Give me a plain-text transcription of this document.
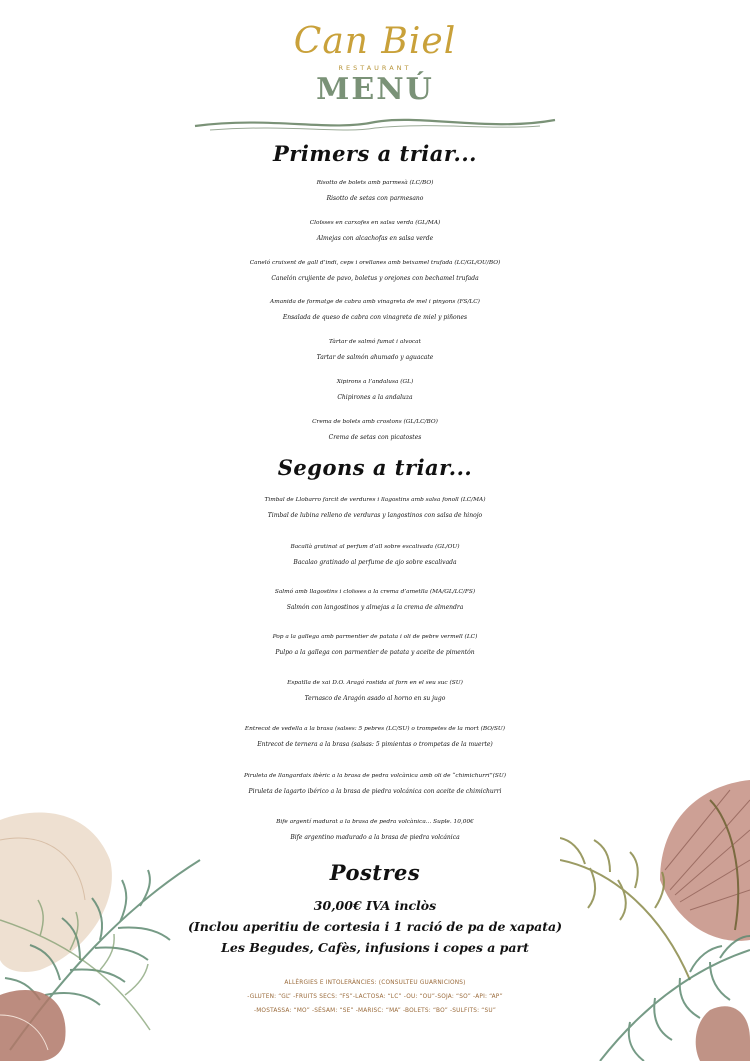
Can Biel
RESTAURANT
MENÚ
Primers a triar...
Risotto de bolets amb parmesà (LC/BO)
Risotto de setas con parmesano
Cloïsses en carxofes en salsa verda (GL/MA)
Almejas con alcachofas en salsa verde
Caneló cruixent de gall d’indi, ceps i orellanes amb beixamel trufada (LC/GL/OU/BO)
Canelón crujiente de pavo, boletus y orejones con bechamel trufada
Amanida de formatge de cabra amb vinagreta de mel i pinyons (FS/LC)
Ensalada de queso de cabra con vinagreta de miel y piñones
Tàrtar de salmó fumat i alvocat
Tartar de salmón ahumado y aguacate
Xipirons a l’andalusa (GL)
Chipirones a la andaluza
Crema de bolets amb crostons (GL/LC/BO)
Crema de setas con picatostes
Segons a triar...
Timbal de Llobarro farcit de verdures i llagostins amb salsa fonoll (LC/MA)
Timbal de lubina relleno de verduras y langostinos con salsa de hinojo
Bacallà gratinat al perfum d’all sobre escalivada (GL/OU)
Bacalao gratinado al perfume de ajo sobre escalivada
Salmó amb llagostins i cloïsses a la crema d’ametlla (MA/GL/LC/FS)
Salmón con langostinos y almejas a la crema de almendra
Pop a la gallega amb parmentier de patata i oli de pebre vermell (LC)
Pulpo a la gallega con parmentier de patata y aceite de pimentón
Espatlla de xai D.O. Aragó rostida al forn en el seu suc (SU)
Ternasco de Aragón asado al horno en su jugo
Entrecot de vedella a la brasa (salses: 5 pebres (LC/SU) o trompetes de la mort (BO/SU)
Entrecot de ternera a la brasa (salsas: 5 pimientas o trompetas de la muerte)
Piruleta de llangardaix ibèric a la brasa de pedra volcànica amb oli de “chimichurri”(SU)
Piruleta de lagarto ibérico a la brasa de piedra volcánica con aceite de chimichurri
Bife argentí madurat a la brasa de pedra volcànica... Suple. 10,00€
Bife argentino madurado a la brasa de piedra volcánica
Postres
30,00€ IVA inclòs
(Inclou aperitiu de cortesia i 1 ració de pa de xapata)
Les Begudes, Cafès, infusions i copes a part
ALLÈRGIES E INTOLERÀNCIES: (CONSULTEU GUARNICIONS)
-GLUTEN: “GL” -FRUITS SECS: “FS”-LACTOSA: “LC” -OU: “OU”-SOJA: “SO” -API: “AP”
-MOSTASSA: “MO” -SÉSAM: “SE” -MARISC: “MA” -BOLETS: “BO” -SULFITS: “SU”
